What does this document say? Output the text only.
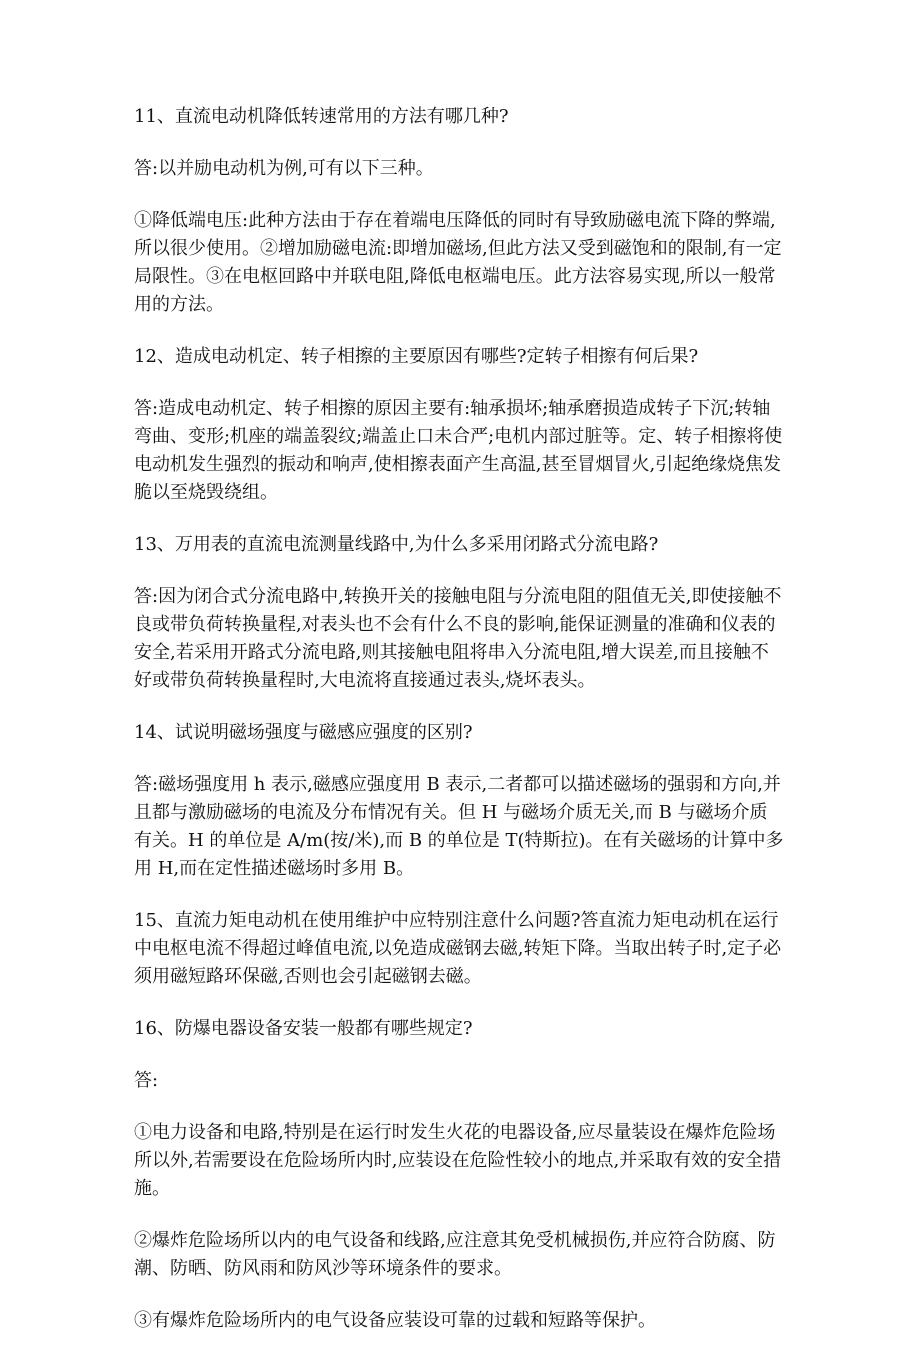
11、直流电动机降低转速常用的方法有哪几种?

答:以并励电动机为例,可有以下三种。

①降低端电压:此种方法由于存在着端电压降低的同时有导致励磁电流下降的弊端,所以很少使用。②增加励磁电流:即增加磁场,但此方法又受到磁饱和的限制,有一定局限性。③在电枢回路中并联电阻,降低电枢端电压。此方法容易实现,所以一般常用的方法。

12、造成电动机定、转子相擦的主要原因有哪些?定转子相擦有何后果?

答:造成电动机定、转子相擦的原因主要有:轴承损坏;轴承磨损造成转子下沉;转轴弯曲、变形;机座的端盖裂纹;端盖止口未合严;电机内部过脏等。定、转子相擦将使电动机发生强烈的振动和响声,使相擦表面产生高温,甚至冒烟冒火,引起绝缘烧焦发脆以至烧毁绕组。

13、万用表的直流电流测量线路中,为什么多采用闭路式分流电路?

答:因为闭合式分流电路中,转换开关的接触电阻与分流电阻的阻值无关,即使接触不良或带负荷转换量程,对表头也不会有什么不良的影响,能保证测量的准确和仪表的安全,若采用开路式分流电路,则其接触电阻将串入分流电阻,增大误差,而且接触不好或带负荷转换量程时,大电流将直接通过表头,烧坏表头。

14、试说明磁场强度与磁感应强度的区别?

答:磁场强度用 h 表示,磁感应强度用 B 表示,二者都可以描述磁场的强弱和方向,并且都与激励磁场的电流及分布情况有关。但 H 与磁场介质无关,而 B 与磁场介质有关。H 的单位是 A/m(按/米),而 B 的单位是 T(特斯拉)。在有关磁场的计算中多用 H,而在定性描述磁场时多用 B。

15、直流力矩电动机在使用维护中应特别注意什么问题?答直流力矩电动机在运行中电枢电流不得超过峰值电流,以免造成磁钢去磁,转矩下降。当取出转子时,定子必须用磁短路环保磁,否则也会引起磁钢去磁。

16、防爆电器设备安装一般都有哪些规定?

答:

①电力设备和电路,特别是在运行时发生火花的电器设备,应尽量装设在爆炸危险场所以外,若需要设在危险场所内时,应装设在危险性较小的地点,并采取有效的安全措施。

②爆炸危险场所以内的电气设备和线路,应注意其免受机械损伤,并应符合防腐、防潮、防晒、防风雨和防风沙等环境条件的要求。

③有爆炸危险场所内的电气设备应装设可靠的过载和短路等保护。
